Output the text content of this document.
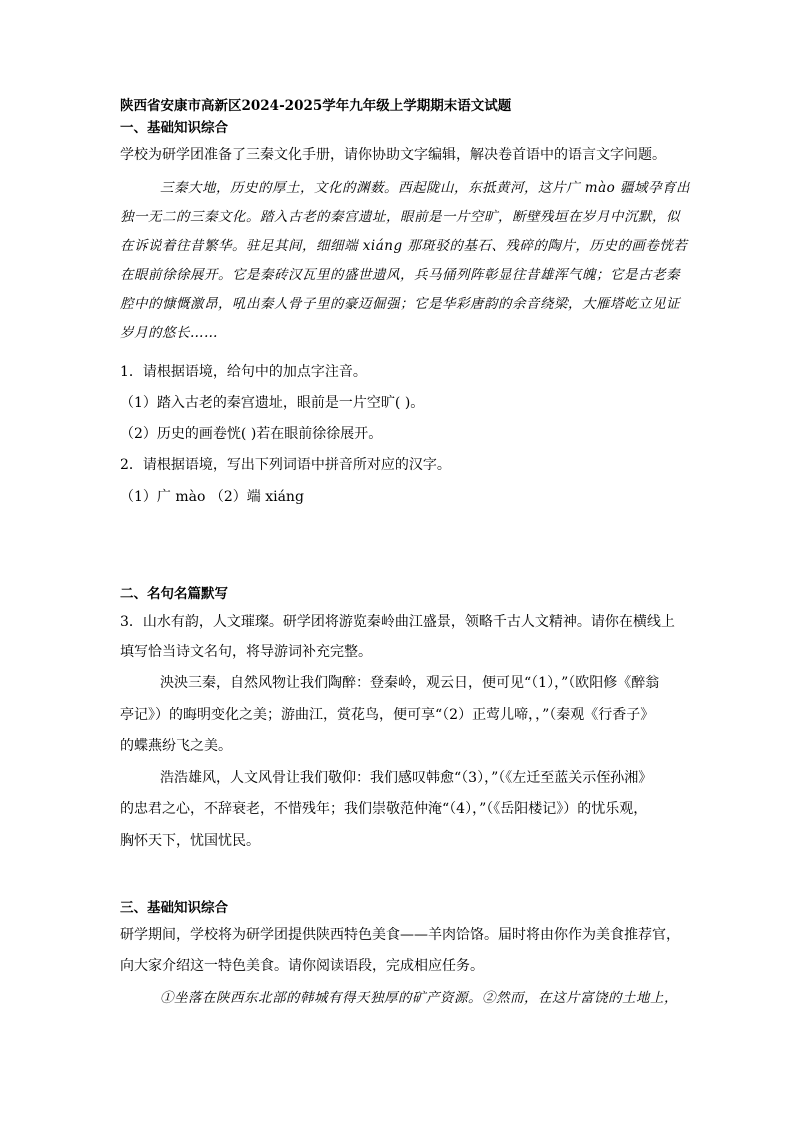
陕西省安康市高新区2024-2025学年九年级上学期期末语文试题
一、基础知识综合
学校为研学团准备了三秦文化手册，请你协助文字编辑，解决卷首语中的语言文字问题。
三秦大地，历史的厚土，文化的渊薮。西起陇山，东抵黄河，这片广 mào 疆域孕育出
独一无二的三秦文化。踏入古老的秦宫遗址，眼前是一片空旷，断壁残垣在岁月中沉默，似
在诉说着往昔繁华。驻足其间，细细端 xiáng 那斑驳的基石、残碎的陶片，历史的画卷恍若
在眼前徐徐展开。它是秦砖汉瓦里的盛世遗风，兵马俑列阵彰显往昔雄浑气魄；它是古老秦
腔中的慷慨激昂，吼出秦人骨子里的豪迈倔强；它是华彩唐韵的余音绕梁，大雁塔屹立见证
岁月的悠长……
1．请根据语境，给句中的加点字注音。
（1）踏入古老的秦宫遗址，眼前是一片空旷( )。
（2）历史的画卷恍( )若在眼前徐徐展开。
2．请根据语境，写出下列词语中拼音所对应的汉字。
（1）广 mào （2）端 xiáng
二、名句名篇默写
3．山水有韵，人文璀璨。研学团将游览秦岭曲江盛景，领略千古人文精神。请你在横线上
填写恰当诗文名句，将导游词补充完整。
泱泱三秦，自然风物让我们陶醉：登秦岭，观云日，便可见“（1），”（欧阳修《醉翁
亭记》）的晦明变化之美；游曲江，赏花鸟，便可享“（2）正莺儿啼，，”（秦观《行香子》
的蝶燕纷飞之美。
浩浩雄风，人文风骨让我们敬仰：我们感叹韩愈“（3），”（《左迁至蓝关示侄孙湘》
的忠君之心，不辞衰老，不惜残年；我们崇敬范仲淹“（4），”（《岳阳楼记》）的忧乐观，
胸怀天下，忧国忧民。
三、基础知识综合
研学期间，学校将为研学团提供陕西特色美食——羊肉饸饹。届时将由你作为美食推荐官，
向大家介绍这一特色美食。请你阅读语段，完成相应任务。
①坐落在陕西东北部的韩城有得天独厚的矿产资源。②然而，在这片富饶的土地上，
